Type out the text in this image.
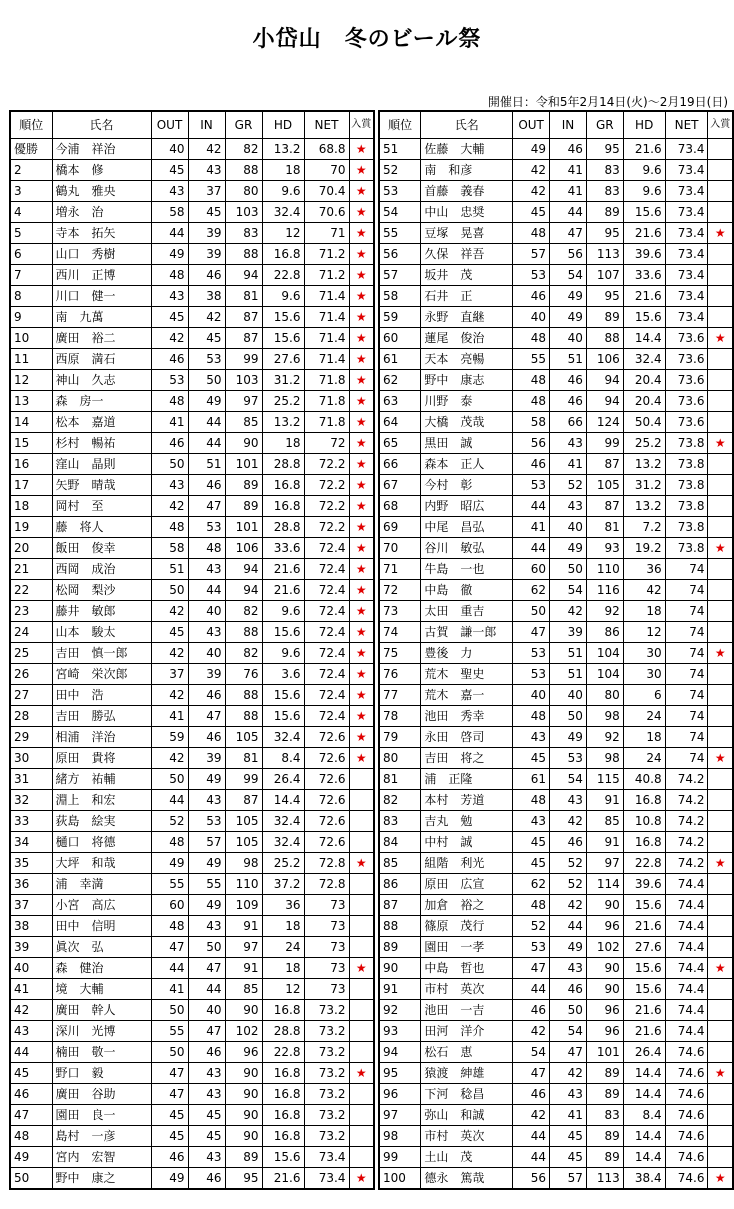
小岱山　冬のビール祭
開催日：令和5年2月14日(火)～2月19日(日)
順位	氏名	OUT	IN	GR	HD	NET	入賞
優勝	今浦　祥治	40	42	82	13.2	68.8	★
2	橋本　修	45	43	88	18	70	★
3	鶴丸　雅央	43	37	80	9.6	70.4	★
4	増永　治	58	45	103	32.4	70.6	★
5	寺本　拓矢	44	39	83	12	71	★
6	山口　秀樹	49	39	88	16.8	71.2	★
7	西川　正博	48	46	94	22.8	71.2	★
8	川口　健一	43	38	81	9.6	71.4	★
9	南　九萬	45	42	87	15.6	71.4	★
10	廣田　裕二	42	45	87	15.6	71.4	★
11	西原　満石	46	53	99	27.6	71.4	★
12	神山　久志	53	50	103	31.2	71.8	★
13	森　房一	48	49	97	25.2	71.8	★
14	松本　嘉道	41	44	85	13.2	71.8	★
15	杉村　暢祐	46	44	90	18	72	★
16	窪山　晶則	50	51	101	28.8	72.2	★
17	矢野　晴哉	43	46	89	16.8	72.2	★
18	岡村　至	42	47	89	16.8	72.2	★
19	藤　将人	48	53	101	28.8	72.2	★
20	飯田　俊幸	58	48	106	33.6	72.4	★
21	西岡　成治	51	43	94	21.6	72.4	★
22	松岡　梨沙	50	44	94	21.6	72.4	★
23	藤井　敏郎	42	40	82	9.6	72.4	★
24	山本　駿太	45	43	88	15.6	72.4	★
25	吉田　慎一郎	42	40	82	9.6	72.4	★
26	宮崎　栄次郎	37	39	76	3.6	72.4	★
27	田中　浩	42	46	88	15.6	72.4	★
28	吉田　勝弘	41	47	88	15.6	72.4	★
29	相浦　洋治	59	46	105	32.4	72.6	★
30	原田　貴将	42	39	81	8.4	72.6	★
31	緒方　祐輔	50	49	99	26.4	72.6	
32	淵上　和宏	44	43	87	14.4	72.6	
33	荻島　絵実	52	53	105	32.4	72.6	
34	樋口　将德	48	57	105	32.4	72.6	
35	大坪　和哉	49	49	98	25.2	72.8	★
36	浦　幸満	55	55	110	37.2	72.8	
37	小宮　高広	60	49	109	36	73	
38	田中　信明	48	43	91	18	73	
39	眞次　弘	47	50	97	24	73	
40	森　健治	44	47	91	18	73	★
41	境　大輔	41	44	85	12	73	
42	廣田　幹人	50	40	90	16.8	73.2	
43	深川　光博	55	47	102	28.8	73.2	
44	楠田　敬一	50	46	96	22.8	73.2	
45	野口　毅	47	43	90	16.8	73.2	★
46	廣田　谷助	47	43	90	16.8	73.2	
47	園田　良一	45	45	90	16.8	73.2	
48	島村　一彦	45	45	90	16.8	73.2	
49	宮内　宏智	46	43	89	15.6	73.4	
50	野中　康之	49	46	95	21.6	73.4	★
順位	氏名	OUT	IN	GR	HD	NET	入賞
51	佐藤　大輔	49	46	95	21.6	73.4	
52	南　和彦	42	41	83	9.6	73.4	
53	首藤　義春	42	41	83	9.6	73.4	
54	中山　忠奨	45	44	89	15.6	73.4	
55	豆塚　晃喜	48	47	95	21.6	73.4	★
56	久保　祥吾	57	56	113	39.6	73.4	
57	坂井　茂	53	54	107	33.6	73.4	
58	石井　正	46	49	95	21.6	73.4	
59	永野　直継	40	49	89	15.6	73.4	
60	蓮尾　俊治	48	40	88	14.4	73.6	★
61	天本　亮暢	55	51	106	32.4	73.6	
62	野中　康志	48	46	94	20.4	73.6	
63	川野　泰	48	46	94	20.4	73.6	
64	大橋　茂哉	58	66	124	50.4	73.6	
65	黒田　誠	56	43	99	25.2	73.8	★
66	森本　正人	46	41	87	13.2	73.8	
67	今村　彰	53	52	105	31.2	73.8	
68	内野　昭広	44	43	87	13.2	73.8	
69	中尾　昌弘	41	40	81	7.2	73.8	
70	谷川　敏弘	44	49	93	19.2	73.8	★
71	牛島　一也	60	50	110	36	74	
72	中島　徹	62	54	116	42	74	
73	太田　重吉	50	42	92	18	74	
74	古賀　謙一郎	47	39	86	12	74	
75	豊後　力	53	51	104	30	74	★
76	荒木　聖史	53	51	104	30	74	
77	荒木　嘉一	40	40	80	6	74	
78	池田　秀幸	48	50	98	24	74	
79	永田　啓司	43	49	92	18	74	
80	吉田　将之	45	53	98	24	74	★
81	浦　正隆	61	54	115	40.8	74.2	
82	本村　芳道	48	43	91	16.8	74.2	
83	吉丸　勉	43	42	85	10.8	74.2	
84	中村　誠	45	46	91	16.8	74.2	
85	組階　利光	45	52	97	22.8	74.2	★
86	原田　広宣	62	52	114	39.6	74.4	
87	加倉　裕之	48	42	90	15.6	74.4	
88	篠原　茂行	52	44	96	21.6	74.4	
89	園田　一孝	53	49	102	27.6	74.4	
90	中島　哲也	47	43	90	15.6	74.4	★
91	市村　英次	44	46	90	15.6	74.4	
92	池田　一吉	46	50	96	21.6	74.4	
93	田河　洋介	42	54	96	21.6	74.4	
94	松石　恵	54	47	101	26.4	74.6	
95	猿渡　紳雄	47	42	89	14.4	74.6	★
96	下河　稔昌	46	43	89	14.4	74.6	
97	弥山　和誠	42	41	83	8.4	74.6	
98	市村　英次	44	45	89	14.4	74.6	
99	土山　茂	44	45	89	14.4	74.6	
100	德永　篤哉	56	57	113	38.4	74.6	★
